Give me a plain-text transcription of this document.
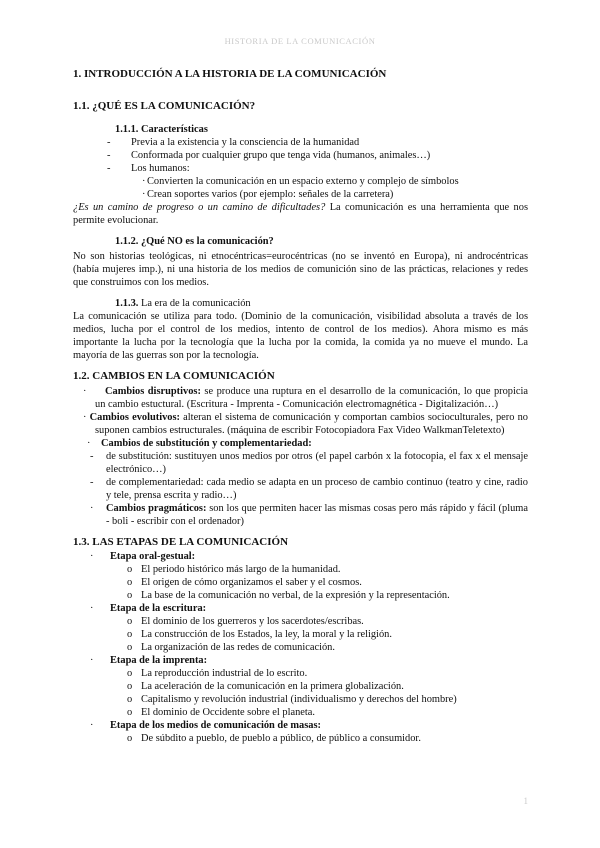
HISTORIA DE LA COMUNICACIÓN
1. INTRODUCCIÓN A LA HISTORIA DE LA COMUNICACIÓN
1.1. ¿QUÉ ES LA COMUNICACIÓN?
1.1.1. Características
- Previa a la existencia y la consciencia de la humanidad
- Conformada por cualquier grupo que tenga vida (humanos, animales…)
- Los humanos:
· Convierten la comunicación en un espacio externo y complejo de símbolos
· Crean soportes varios (por ejemplo: señales de la carretera)
¿Es un camino de progreso o un camino de dificultades? La comunicación es una herramienta que nos permite evolucionar.
1.1.2. ¿Qué NO es la comunicación?
No son historias teológicas, ni etnocéntricas=eurocéntricas (no se inventó en Europa), ni androcéntricas (había mujeres imp.), ni una historia de los medios de comunición sino de las prácticas, relaciones y redes que construimos con los medios.
1.1.3. La era de la comunicación
La comunicación se utiliza para todo. (Dominio de la comunicación, visibilidad absoluta a través de los medios, lucha por el control de los medios, intento de control de los medios). Ahora mismo es más importante la lucha por la tecnología que la lucha por la comida, la comida ya no mueve el mundo. La mayoría de las guerras son por la tecnología.
1.2. CAMBIOS EN LA COMUNICACIÓN
· Cambios disruptivos: se produce una ruptura en el desarrollo de la comunicación, lo que propicia un cambio estuctural. (Escritura - Imprenta - Comunicación electromagnética - Digitalización…)
· Cambios evolutivos: alteran el sistema de comunicación y comportan cambios socioculturales, pero no suponen cambios estructurales. (máquina de escribir Fotocopiadora Fax Video WalkmanTeletexto)
· Cambios de substitución y complementariedad:
- de substitución: sustituyen unos medios por otros (el papel carbón x la fotocopia, el fax x el mensaje electrónico…)
- de complementariedad: cada medio se adapta en un proceso de cambio continuo (teatro y cine, radio y tele, prensa escrita y radio…)
· Cambios pragmáticos: son los que permiten hacer las mismas cosas pero más rápido y fácil (pluma - boli - escribir con el ordenador)
1.3. LAS ETAPAS DE LA COMUNICACIÓN
· Etapa oral-gestual:
o El periodo histórico más largo de la humanidad.
o El origen de cómo organizamos el saber y el cosmos.
o La base de la comunicación no verbal, de la expresión y la representación.
· Etapa de la escritura:
o El dominio de los guerreros y los sacerdotes/escribas.
o La construcción de los Estados, la ley, la moral y la religión.
o La organización de las redes de comunicación.
· Etapa de la imprenta:
o La reproducción industrial de lo escrito.
o La aceleración de la comunicación en la primera globalización.
o Capitalismo y revolución industrial (individualismo y derechos del hombre)
o El dominio de Occidente sobre el planeta.
· Etapa de los medios de comunicación de masas:
o De súbdito a pueblo, de pueblo a público, de público a consumidor.
1
